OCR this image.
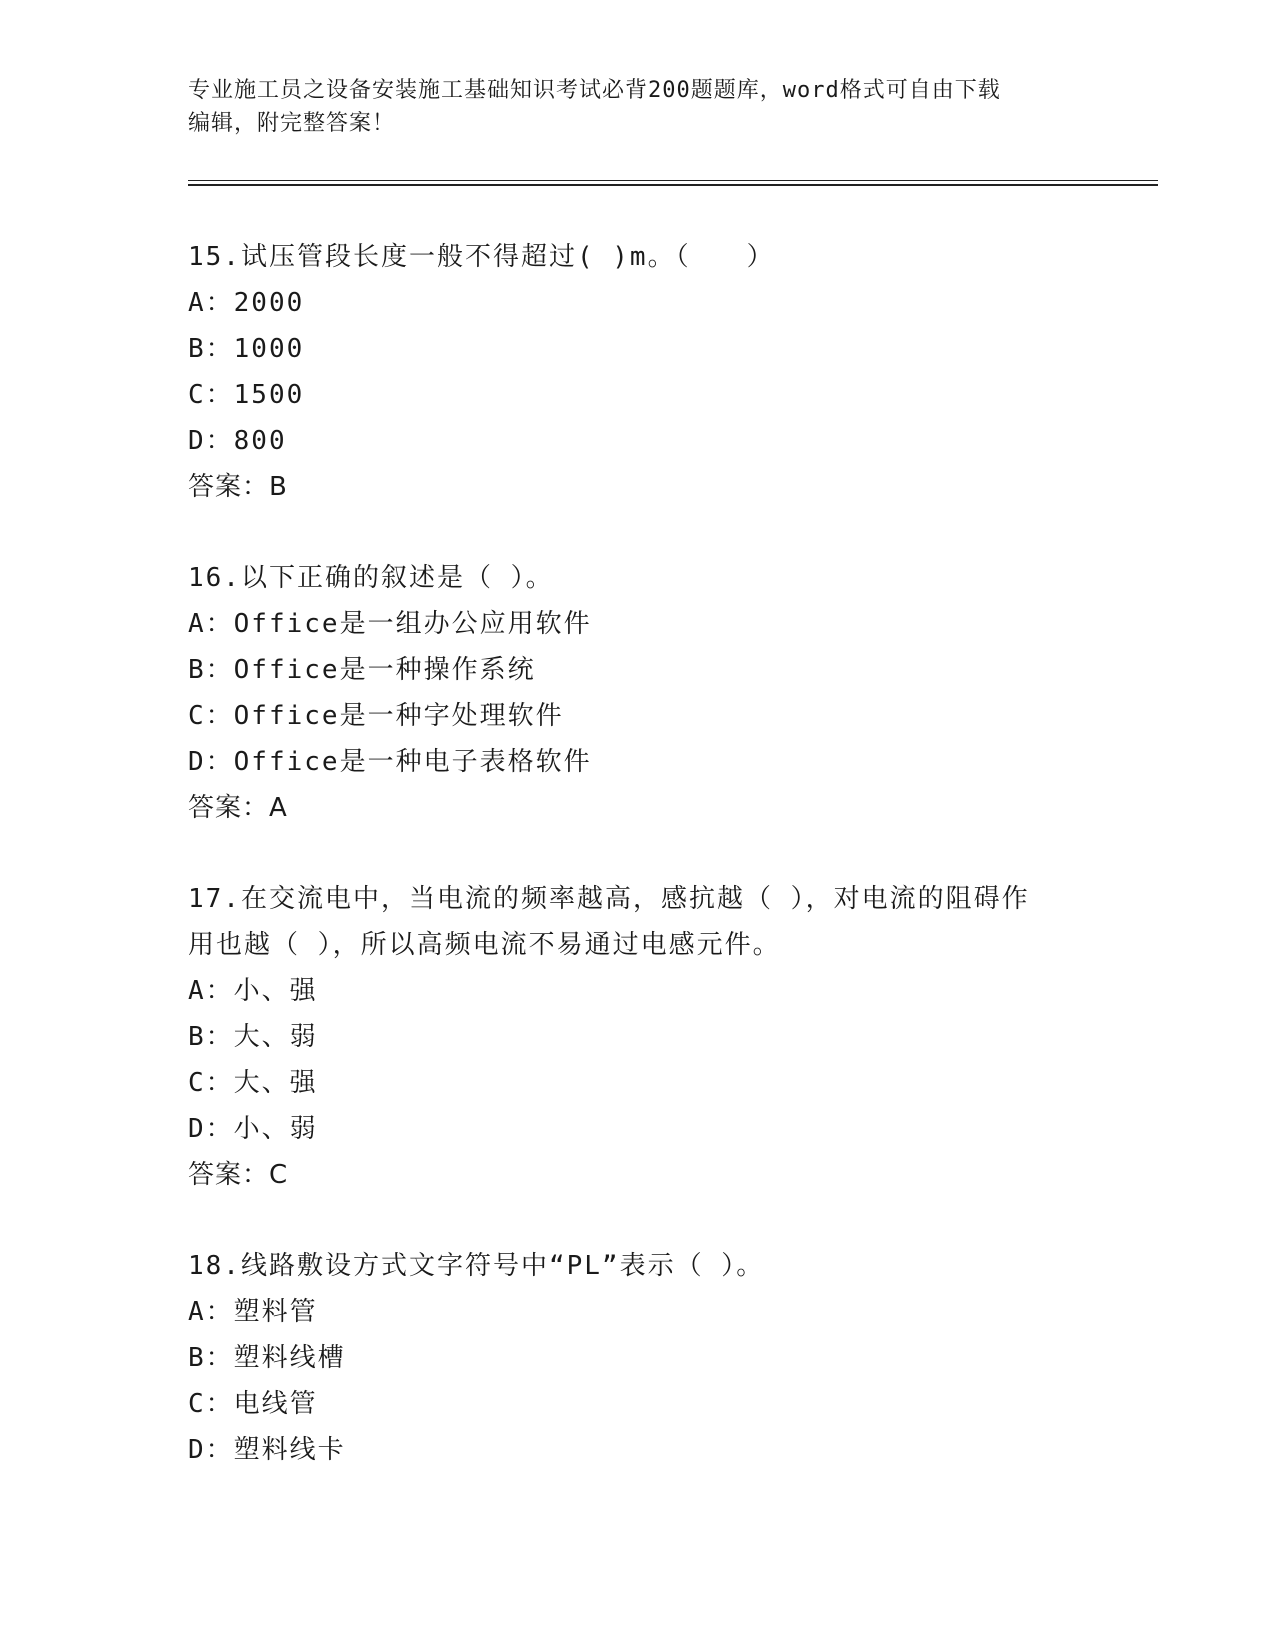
专业施工员之设备安装施工基础知识考试必背200题题库，word格式可自由下载
编辑，附完整答案！

15.试压管段长度一般不得超过( )m。（　　）

A：2000

B：1000

C：1500

D：800

答案：B

16.以下正确的叙述是（ ）。

A：Office是一组办公应用软件

B：Office是一种操作系统

C：Office是一种字处理软件

D：Office是一种电子表格软件

答案：A

17.在交流电中，当电流的频率越高，感抗越（ ），对电流的阻碍作

用也越（ ），所以高频电流不易通过电感元件。

A：小、强

B：大、弱

C：大、强

D：小、弱

答案：C

18.线路敷设方式文字符号中“PL”表示（ ）。

A：塑料管

B：塑料线槽

C：电线管

D：塑料线卡
